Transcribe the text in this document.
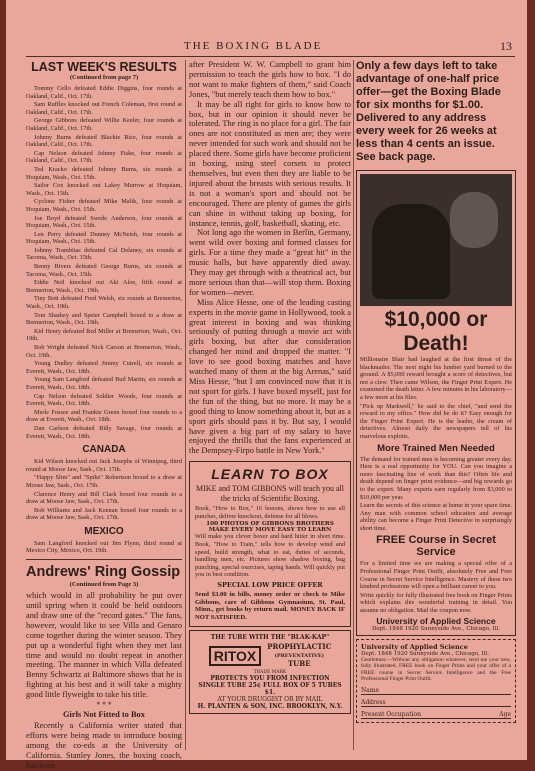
THE BOXING BLADE	13
LAST WEEK'S RESULTS
(Continued from page 7)

Tommy Cello defeated Eddie Diggins, four rounds at Oakland, Calif., Oct. 17th.

Sam Ruffles knocked out French Coleman, first round at Oakland, Calif., Oct. 17th.

George Gibbons defeated Willie Keeler, four rounds at Oakland, Calif., Oct. 17th.

Johnny Burns defeated Blackie Rice, four rounds at Oakland, Calif., Oct. 17th.

Cap Nelson defeated Johnny Fiske, four rounds at Oakland, Calif., Oct. 17th.

Ted Kracko defeated Johnny Burns, six rounds at Hoquiam, Wash., Oct. 15th.

Sailor Cox knocked out Lakey Murrow at Hoquiam, Wash., Oct. 15th.

Cyclone Fisher defeated Mike Malik, four rounds at Hoquiam, Wash., Oct. 15th.

Joe Boyd defeated Swede Anderson, four rounds at Hoquiam, Wash., Oct. 15th.

Len Perry defeated Dunney McNeish, four rounds at Hoquiam, Wash., Oct. 15th.

Johnny Trambitas defeated Cal Delaney, six rounds at Tacoma, Wash., Oct. 15th.

Benny Rivers defeated George Burns, six rounds at Tacoma, Wash., Oct. 15th.

Eddie Neil knocked out Aki Aloe, fifth round at Bremerton, Wash., Oct. 19th.

Tiny Bott defeated Fred Welsh, six rounds at Bremerton, Wash., Oct. 19th.

Tom Sharkey and Speier Campbell boxed to a draw at Bremerton, Wash., Oct. 19th.

Kid Henry defeated Red Miller at Bremerton, Wash., Oct. 19th.

Bob Wright defeated Nick Carson at Bremerton, Wash., Oct. 19th.

Young Dudley defeated Jimmy Cutrell, six rounds at Everett, Wash., Oct. 18th.

Young Sam Langford defeated Bud Martin, six rounds at Everett, Wash., Oct. 18th.

Cap Nelson defeated Soldier Woods, four rounds at Everett, Wash., Oct. 18th.

Merle Fossee and Frankie Green boxed four rounds to a draw at Everett, Wash., Oct. 18th.

Dan Carlson defeated Billy Savage, four rounds at Everett, Wash., Oct. 18th.

CANADA

Kid Wilson knocked out Jack Josephs of Winnipeg, third round at Moose Jaw, Sask., Oct. 17th.

"Happy Slim" and "Spike" Robertson boxed to a draw at Moose Jaw, Sask., Oct. 17th.

Clarence Henry and Bill Clark boxed four rounds to a draw at Moose Jaw, Sask., Oct. 17th.

Bob Williams and Jack Keenan boxed four rounds to a draw at Moose Jaw, Sask., Oct. 17th.

MEXICO

Sam Langford knocked out Jim Flynn, third round at Mexico City, Mexico, Oct. 19th.

Andrews' Ring Gossip
(Continued from Page 3)

which would in all probability be put over until spring when it could be held outdoors and draw one of the "record gates." The fans, however, would like to see Villa and Genaro come together during the winter season. They put up a wonderful fight when they met last time and would no doubt repeat in another meeting. The manner in which Villa defeated Benny Schwartz at Baltimore shows that he is fighting at his best and it will take a mighty good little flyweight to take his title.

* * *
Girls Not Fitted to Box

Recently a California writer stated that efforts were being made to introduce boxing among the co-eds at the University of California. Stanley Jones, the boxing coach, has been

after President W. W. Campbell to grant him permission to teach the girls how to box. "I do not want to make fighters of them," said Coach Jones, "but merely teach them how to box."

It may be all right for girls to know how to box, but in our opinion it should never be tolerated. The ring is no place for a girl. The fair ones are not constituted as men are; they were never intended for such work and should not be placed there. Some girls have become proficient in boxing, using steel corsets to protect themselves, but even then they are liable to be injured about the breasts with serious results. It is not a woman's sport and should not be encouraged. There are plenty of games the girls can shine in without taking up boxing, for instance, tennis, golf, basketball, skating, etc.

Not long ago the women in Berlin, Germany, went wild over boxing and formed classes for girls. For a time they made a "great hit" in the music halls, but have apparently died away. They may get through with a theatrical act, but more serious than that—will stop them. Boxing for women—never.

Miss Alice Hesse, one of the leading casting experts in the movie game in Hollywood, took a great interest in boxing and was thinking seriously of putting through a movie act with girls boxing, but after due consideration changed her mind and dropped the matter. "I love to see good boxing matches and have watched many of them at the big Arenas," said Miss Hesse, "but I am convinced now that it is not sport for girls. I have boxed myself, just for the fun of the thing, but no more. It may be a good thing to know something about it, but as a sport girls should pass it by. But say, I would have given a big part of my salary to have enjoyed the thrills that the fans experienced at the Dempsey-Firpo battle in New York."

LEARN TO BOX
MIKE and TOM GIBBONS will teach you all the tricks of Scientific Boxing.

Book, "How to Box," 16 lessons, shows how to use all punches, deliver knockout, defense for all blows.

100 PHOTOS OF GIBBONS BROTHERS MAKE EVERY MOVE EASY TO LEARN

Will make you clever boxer and hard hitter in short time. Book, "How to Train," tells how to develop wind and speed, build strength, what to eat, duties of seconds, handling men, etc. Pictures show shadow boxing, bag punching, special exercises, taping hands. Will quickly put you in best condition.

SPECIAL LOW PRICE OFFER

Send $3.00 in bills, money order or check to Mike Gibbons, care of Gibbons Gymnasium, St. Paul, Minn., get books by return mail. MONEY BACK IF NOT SATISFIED.

THE TUBE WITH THE "BLAK-KAP"
RITOX
PROPHYLACTIC
(PREVENTATIVE)
TUBE
TRADE MARK
PROTECTS YOU FROM INFECTION
SINGLE TUBE 25¢ FULL BOX OF 5 TUBES $1.
AT YOUR DRUGGIST OR BY MAIL
H. PLANTEN & SON, INC. BROOKLYN, N.Y.

Only a few days left to take advantage of one-half price offer—get the Boxing Blade for six months for $1.00. Delivered to any address every week for 26 weeks at less than 4 cents an issue. See back page.

$10,000 or Death!

Millionaire Blair had laughed at the first threat of the blackmailer. The next night his lumber yard burned to the ground. A $5,000 reward brought a score of detectives, but not a clew. Then came Wilson, the Finger Print Expert. He examined the death letter. A few minutes in his laboratory—a few more at his files.

"Pick up Markwell," he said to the chief, "and send the reward to my office." How did he do it? Easy enough for the Finger Print Expert. He is the leader, the cream of detectives. Almost daily the newspapers tell of his marvelous exploits.

More Trained Men Needed

The demand for trained men is becoming greater every day. Here is a real opportunity for YOU. Can you imagine a more fascinating line of work than this? Often life and death depend on finger print evidence—and big rewards go to the expert. Many experts earn regularly from $3,000 to $10,000 per year.

Learn the secrets of this science at home in your spare time. Any man with common school education and average ability can become a Finger Print Detective in surprisingly short time.

FREE Course in Secret Service

For a limited time we are making a special offer of a Professional Finger Print Outfit, absolutely Free and Free Course in Secret Service Intelligence. Mastery of these two kindred professions will open a brilliant career to you.

Write quickly for fully illustrated free book on Finger Prints which explains this wonderful training in detail. You assume no obligation. Mail the coupon now.

University of Applied Science
Dept. 1848 1920 Sunnyside Ave., Chicago, Ill.
University of Applied Science
Dept. 1848 1920 Sunnyside Ave., Chicago, Ill.

Gentlemen:—Without any obligation whatever, send me your new, fully illustrated, FREE book on Finger Prints and your offer of a FREE course in Secret Service Intelligence and the Free Professional Finger Print Outfit.

Name
Address
Present Occupation	Age
